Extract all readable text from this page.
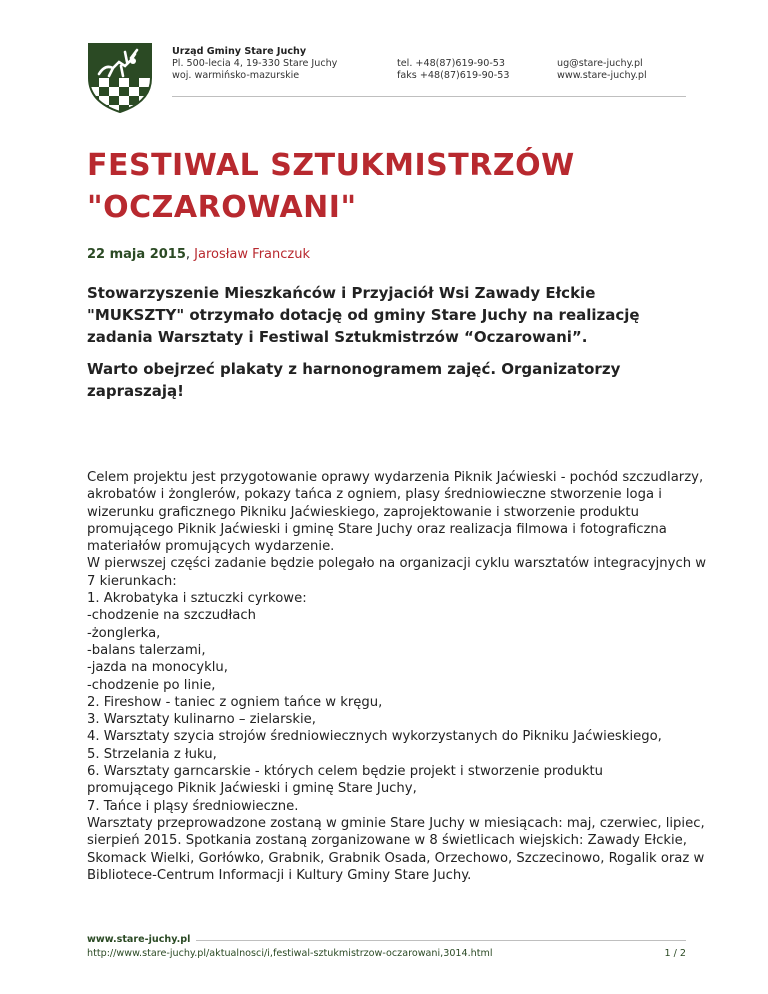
Urząd Gminy Stare Juchy
Pl. 500-lecia 4, 19-330 Stare Juchy
woj. warmińsko-mazurskie
tel. +48(87)619-90-53
faks +48(87)619-90-53
ug@stare-juchy.pl
www.stare-juchy.pl
FESTIWAL SZTUKMISTRZÓW
"OCZAROWANI"
22 maja 2015, Jarosław Franczuk
Stowarzyszenie Mieszkańców i Przyjaciół Wsi Zawady Ełckie
"MUKSZTY" otrzymało dotację od gminy Stare Juchy na realizację
zadania Warsztaty i Festiwal Sztukmistrzów “Oczarowani”.
Warto obejrzeć plakaty z harnonogramem zajęć. Organizatorzy
zapraszają!
Celem projektu jest przygotowanie oprawy wydarzenia Piknik Jaćwieski - pochód szczudlarzy,
akrobatów i żonglerów, pokazy tańca z ogniem, plasy średniowieczne stworzenie loga i
wizerunku graficznego Pikniku Jaćwieskiego, zaprojektowanie i stworzenie produktu
promującego Piknik Jaćwieski i gminę Stare Juchy oraz realizacja filmowa i fotograficzna
materiałów promujących wydarzenie.
W pierwszej części zadanie będzie polegało na organizacji cyklu warsztatów integracyjnych w
7 kierunkach:
1. Akrobatyka i sztuczki cyrkowe:
-chodzenie na szczudłach
-żonglerka,
-balans talerzami,
-jazda na monocyklu,
-chodzenie po linie,
2. Fireshow - taniec z ogniem tańce w kręgu,
3. Warsztaty kulinarno – zielarskie,
4. Warsztaty szycia strojów średniowiecznych wykorzystanych do Pikniku Jaćwieskiego,
5. Strzelania z łuku,
6. Warsztaty garncarskie - których celem będzie projekt i stworzenie produktu
promującego Piknik Jaćwieski i gminę Stare Juchy,
7. Tańce i pląsy średniowieczne.
Warsztaty przeprowadzone zostaną w gminie Stare Juchy w miesiącach: maj, czerwiec, lipiec,
sierpień 2015. Spotkania zostaną zorganizowane w 8 świetlicach wiejskich: Zawady Ełckie,
Skomack Wielki, Gorłówko, Grabnik, Grabnik Osada, Orzechowo, Szczecinowo, Rogalik oraz w
Bibliotece-Centrum Informacji i Kultury Gminy Stare Juchy.
www.stare-juchy.pl
http://www.stare-juchy.pl/aktualnosci/i,festiwal-sztukmistrzow-oczarowani,3014.html	1 / 2
